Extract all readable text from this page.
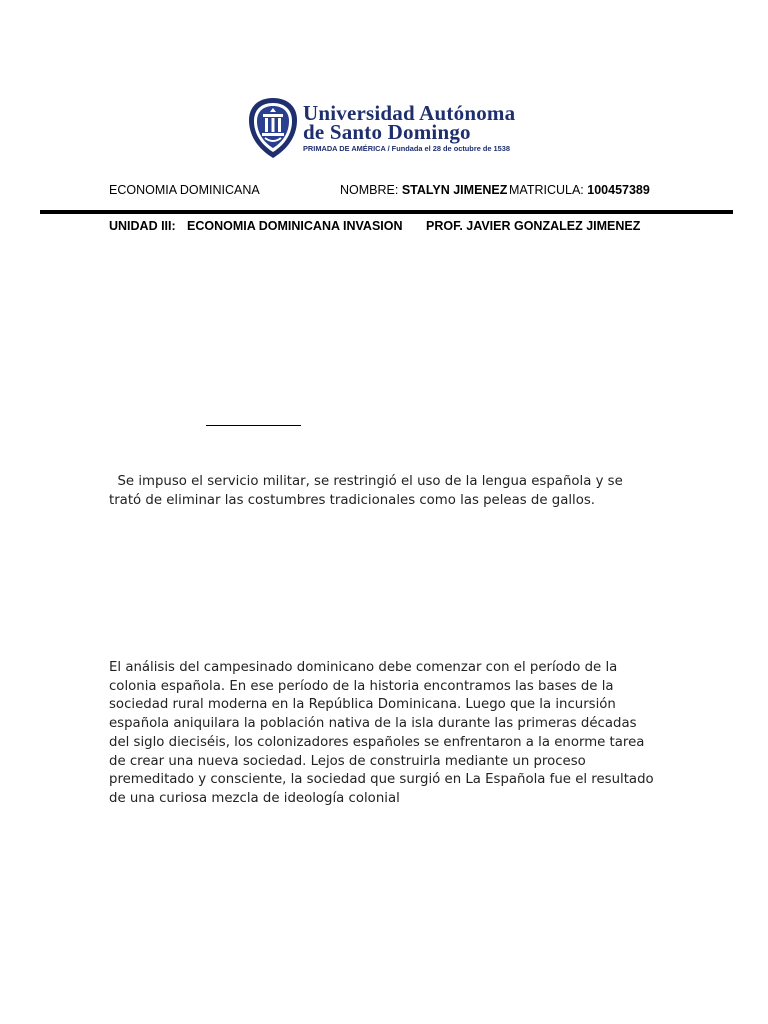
Universidad Autónoma
de Santo Domingo
PRIMADA DE AMÉRICA / Fundada el 28 de octubre de 1538
ECONOMIA DOMINICANA	NOMBRE: STALYN JIMENEZ MATRICULA: 100457389
UNIDAD III: ECONOMIA DOMINICANA INVASION PROF. JAVIER GONZALEZ JIMENEZ
Se impuso el servicio militar, se restringió el uso de la lengua española y se trató de eliminar las costumbres tradicionales como las peleas de gallos.
El análisis del campesinado dominicano debe comenzar con el período de la colonia española. En ese período de la historia encontramos las bases de la sociedad rural moderna en la República Dominicana. Luego que la incursión española aniquilara la población nativa de la isla durante las primeras décadas del siglo dieciséis, los colonizadores españoles se enfrentaron a la enorme tarea de crear una nueva sociedad. Lejos de construirla mediante un proceso premeditado y consciente, la sociedad que surgió en La Española fue el resultado de una curiosa mezcla de ideología colonial
